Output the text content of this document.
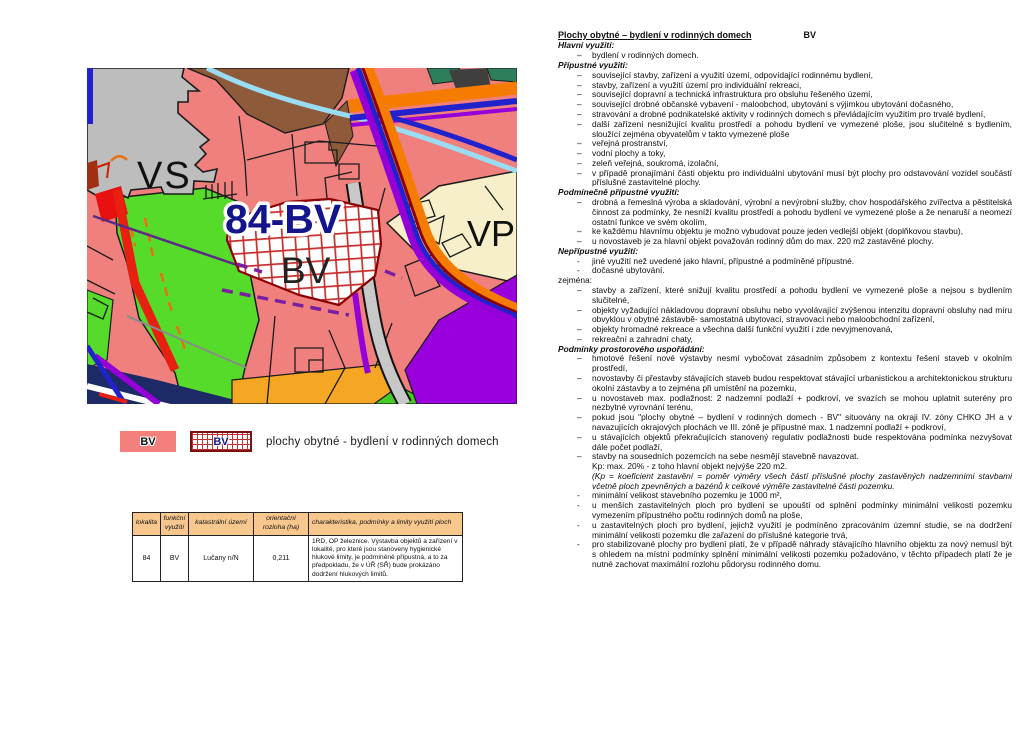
VS
84-BV
BV
VP
BV	BV	plochy obytné - bydlení v rodinných domech
lokalita	funkční využití	katastrální území	orientační rozloha (ha)	charakteristika, podmínky a limity využití ploch
84	BV	Lučany n/N	0,211	1RD, OP železnice. Výstavba objektů a zařízení v lokalitě, pro které jsou stanoveny hygienické hlukové limity, je podmíněně přípustná, a to za předpokladu, že v ÚŘ (SŘ) bude prokázáno dodržení hlukových limitů.
Plochy obytné – bydlení v rodinných domech	BV
Hlavní využití:
–	bydlení v rodinných domech.
Přípustné využití:
–	související stavby, zařízení a využití území, odpovídající rodinnému bydlení,
–	stavby, zařízení a využití území pro individuální rekreaci,
–	související dopravní a technická infrastruktura pro obsluhu řešeného území,
–	související drobné občanské vybavení - maloobchod, ubytování s výjimkou ubytování dočasného,
–	stravování a drobné podnikatelské aktivity v rodinných domech s převládajícím využitím pro trvalé bydlení,
–	další zařízení nesnižující kvalitu prostředí a pohodu bydlení ve vymezené ploše, jsou slučitelné s bydlením, sloužící zejména obyvatelům v takto vymezené ploše
–	veřejná prostranství,
–	vodní plochy a toky,
–	zeleň veřejná, soukromá, izolační,
–	v případě pronajímání části objektu pro individuální ubytování musí být plochy pro odstavování vozidel součástí příslušné zastavitelné plochy.
Podmínečně přípustné využití:
–	drobná a řemeslná výroba a skladování, výrobní a nevýrobní služby, chov hospodářského zvířectva a pěstitelská činnost za podmínky, že nesníží kvalitu prostředí a pohodu bydlení ve vymezené ploše a že nenaruší a neomezí ostatní funkce ve svém okolím,
–	ke každému hlavnímu objektu je možno vybudovat pouze jeden vedlejší objekt (doplňkovou stavbu),
–	u novostaveb je za hlavní objekt považován rodinný dům do max. 220 m2 zastavěné plochy.
Nepřípustné využití:
-	jiné využití než uvedené jako hlavní, přípustné a podmíněné přípustné.
-	dočasné ubytování.
zejména:
–	stavby a zařízení, které snižují kvalitu prostředí a pohodu bydlení ve vymezené ploše a nejsou s bydlením slučitelné,
–	objekty vyžadující nákladovou dopravní obsluhu nebo vyvolávající zvýšenou intenzitu dopravní obsluhy nad míru obvyklou v obytné zástavbě- samostatná ubytovací, stravovací nebo maloobchodní zařízení,
–	objekty hromadné rekreace a všechna další funkční využití i zde nevyjmenovaná,
–	rekreační a zahradní chaty,
Podmínky prostorového uspořádání:
–	hmotové řešení nové výstavby nesmí vybočovat zásadním způsobem z kontextu řešení staveb v okolním prostředí,
–	novostavby či přestavby stávajících staveb budou respektovat stávající urbanistickou a architektonickou strukturu okolní zástavby a to zejména při umístění na pozemku,
–	u novostaveb max. podlažnost: 2 nadzemní podlaží + podkroví, ve svazích se mohou uplatnit suterény pro nezbytné vyrovnání terénu,
–	pokud jsou "plochy obytné – bydlení v rodinných domech - BV" situovány na okraji IV. zóny CHKO JH a v navazujících okrajových plochách ve III. zóně je přípustné max. 1 nadzemní podlaží + podkroví,
–	u stávajících objektů překračujících stanovený regulativ podlažnosti bude respektována podmínka nezvyšovat dále počet podlaží,
–	stavby na sousedních pozemcích na sebe nesmějí stavebně navazovat.
Kp: max. 20% - z toho hlavní objekt nejvýše 220 m2.
(Kp = koeficient zastavění = poměr výměry všech částí příslušné plochy zastavěných nadzemními stavbami včetně ploch zpevněných a bazénů k celkové výměře zastavitelné části pozemku.
-	minimální velikost stavebního pozemku je 1000 m²,
-	u menších zastavitelných ploch pro bydlení se upouští od splnění podmínky minimální velikosti pozemku vymezením přípustného počtu rodinných domů na ploše,
-	u zastavitelných ploch pro bydlení, jejichž využití je podmíněno zpracováním územní studie, se na dodržení minimální velikosti pozemku dle zařazení do příslušné kategorie trvá,
-	pro stabilizované plochy pro bydlení platí, že v případě náhrady stávajícího hlavního objektu za nový nemusí být s ohledem na místní podmínky splnění minimální velikosti pozemku požadováno, v těchto případech platí že je nutné zachovat maximální rozlohu půdorysu rodinného domu.
